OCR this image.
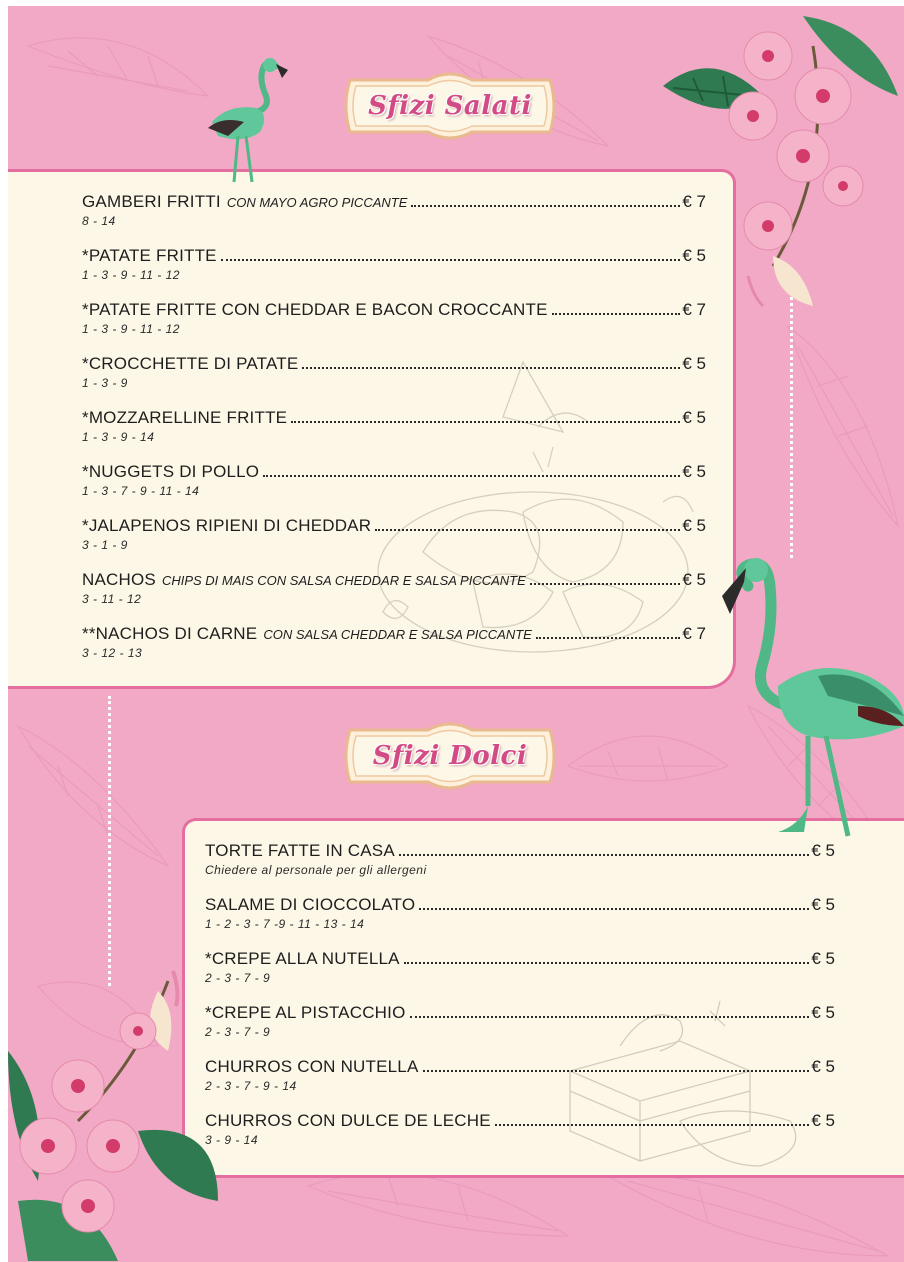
Sfizi Salati
Sfizi Dolci
GAMBERI FRITTI CON MAYO AGRO PICCANTE	€ 7
8 - 14
*PATATE FRITTE	€ 5
1 - 3 - 9 - 11 - 12
*PATATE FRITTE CON CHEDDAR E BACON CROCCANTE	€ 7
1 - 3 - 9 - 11 - 12
*CROCCHETTE DI PATATE	€ 5
1 - 3 - 9
*MOZZARELLINE FRITTE	€ 5
1 - 3 - 9 - 14
*NUGGETS DI POLLO	€ 5
1 - 3 - 7 - 9 - 11 - 14
*JALAPENOS RIPIENI DI CHEDDAR	€ 5
3 - 1 - 9
NACHOS CHIPS DI MAIS CON SALSA CHEDDAR E SALSA PICCANTE	€ 5
3 - 11 - 12
**NACHOS DI CARNE CON SALSA CHEDDAR E SALSA PICCANTE	€ 7
3 - 12 - 13
TORTE FATTE IN CASA	€ 5
Chiedere al personale per gli allergeni
SALAME DI CIOCCOLATO	€ 5
1 - 2 - 3 - 7 -9 - 11 - 13 - 14
*CREPE ALLA NUTELLA	€ 5
2 - 3 - 7 - 9
*CREPE AL PISTACCHIO	€ 5
2 - 3 - 7 - 9
CHURROS CON NUTELLA	€ 5
2 - 3 - 7 - 9 - 14
CHURROS CON DULCE DE LECHE	€ 5
3 - 9 - 14
